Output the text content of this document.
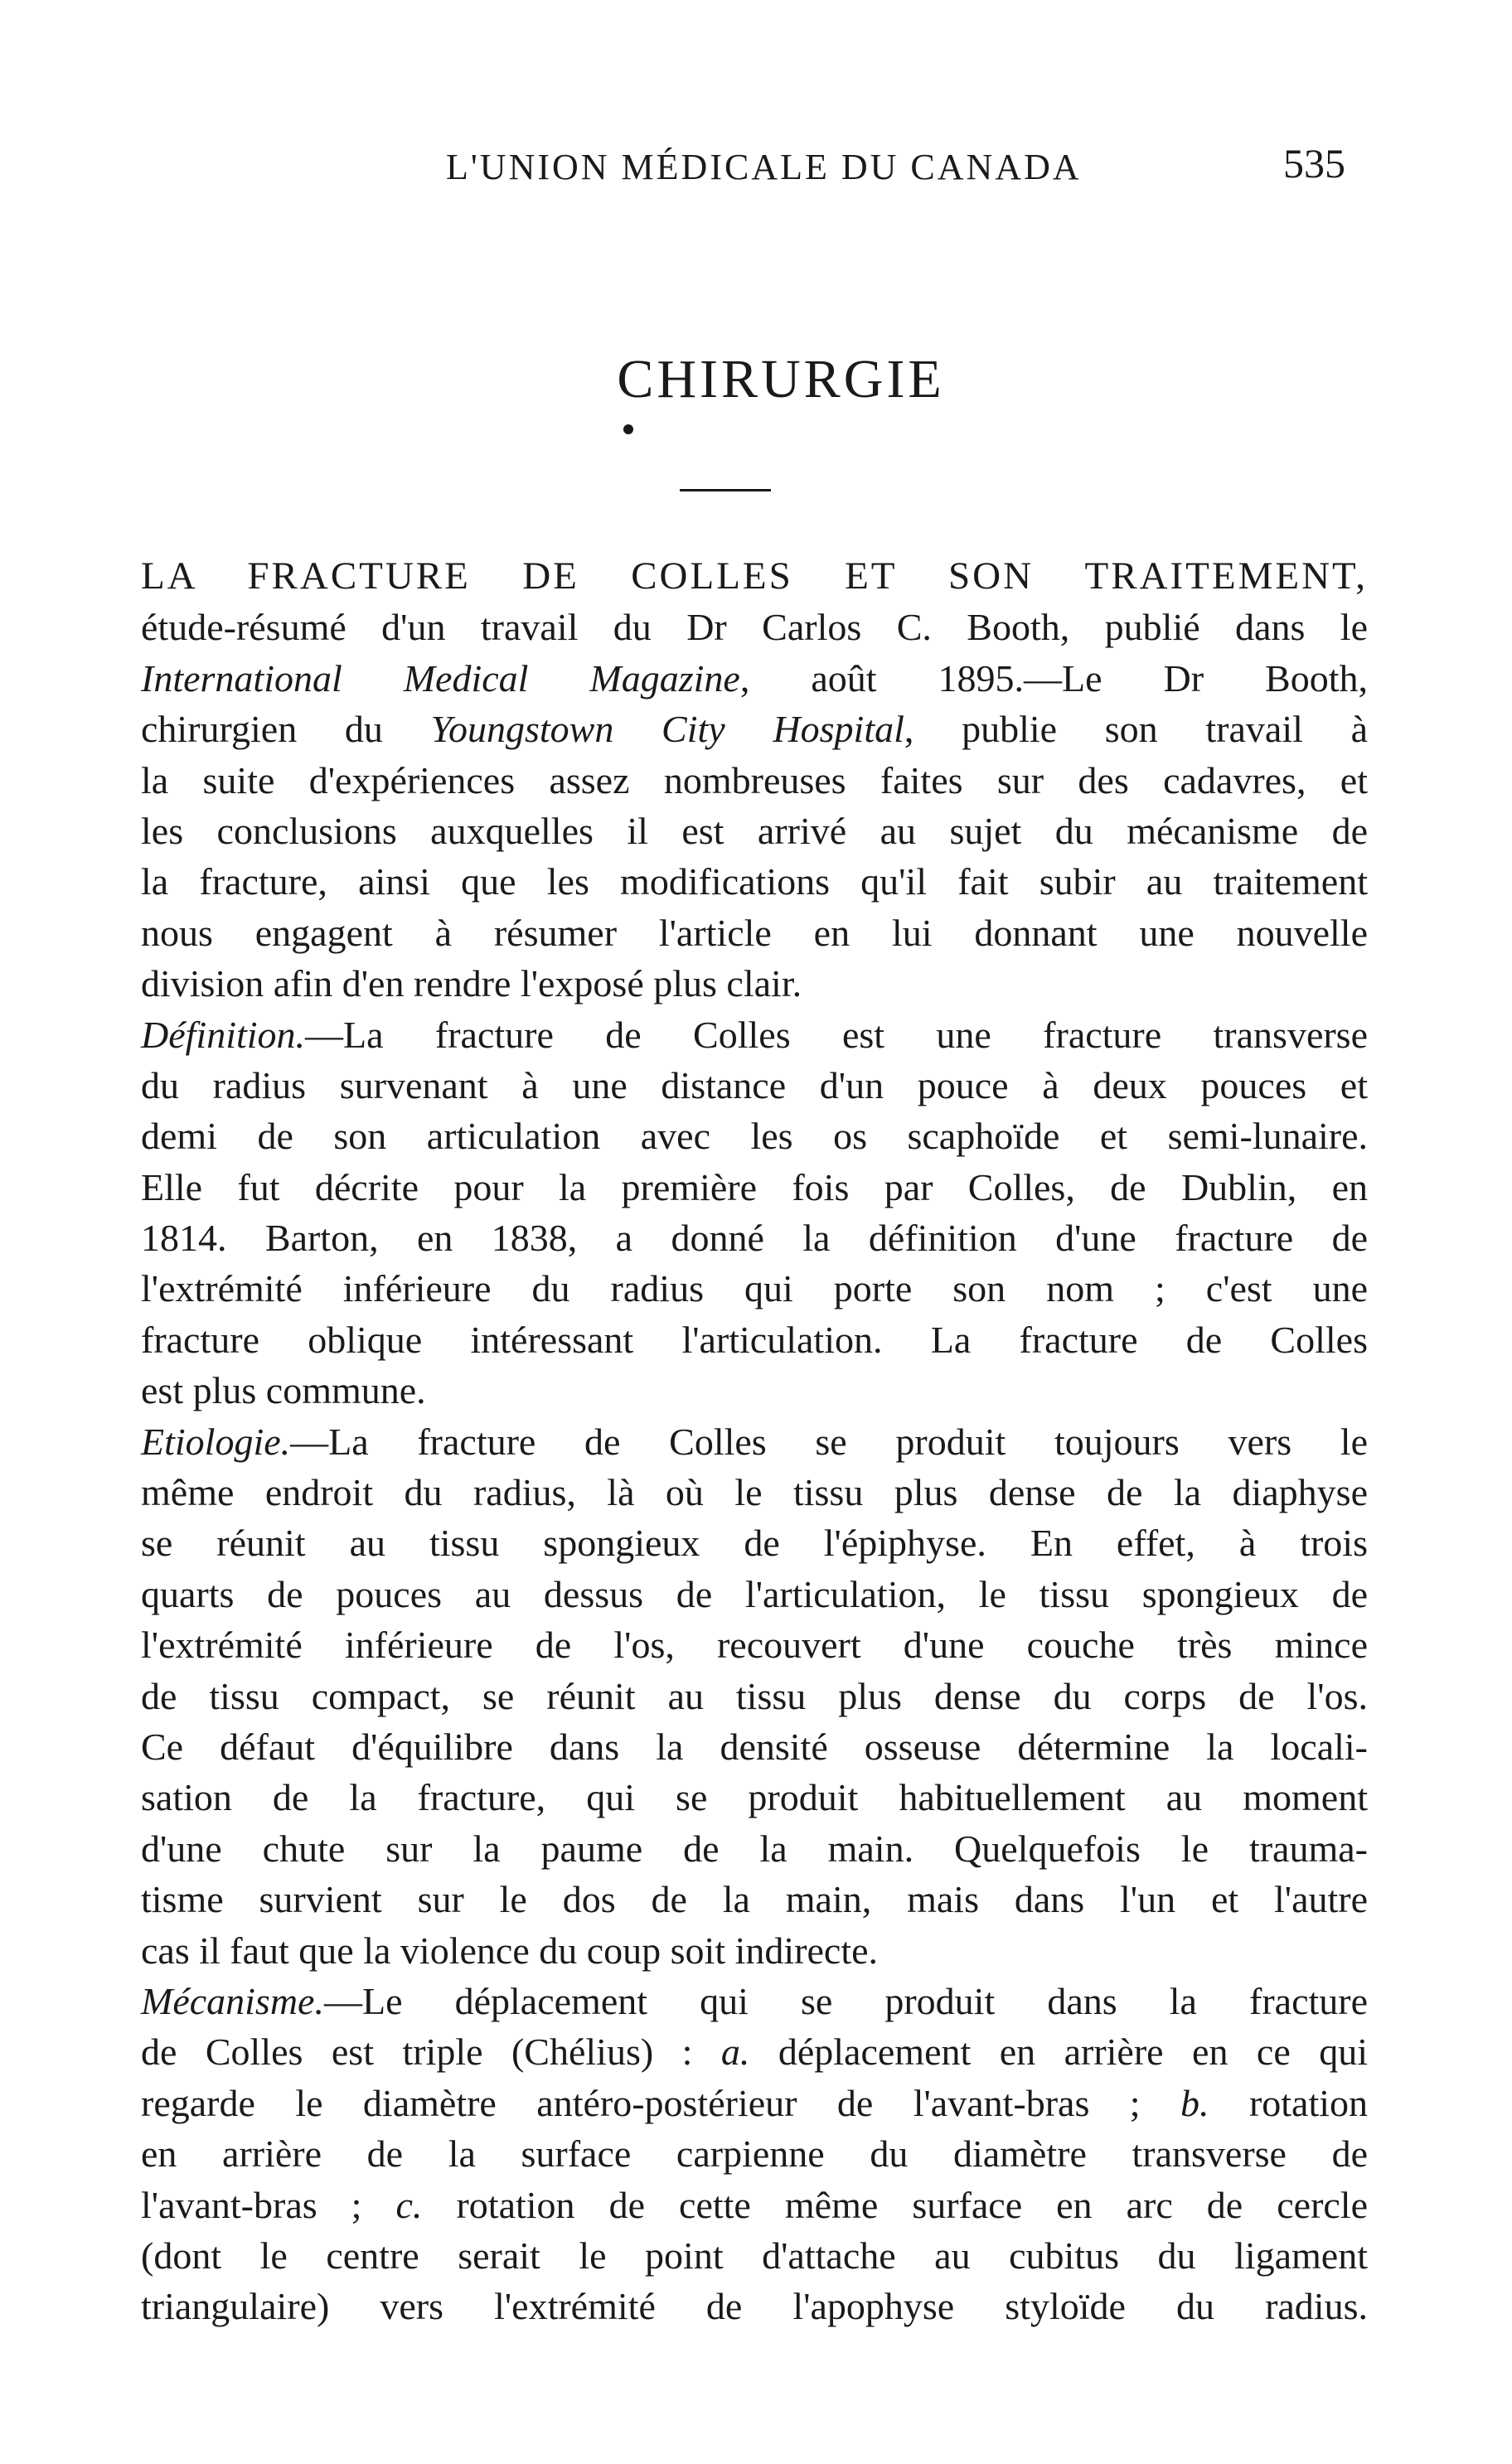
L'UNION MÉDICALE DU CANADA	535
CHIRURGIE
LA FRACTURE DE COLLES ET SON TRAITEMENT,
étude-résumé d'un travail du Dr Carlos C. Booth, publié dans le
International Medical Magazine, août 1895.—Le Dr Booth,
chirurgien du Youngstown City Hospital, publie son travail à
la suite d'expériences assez nombreuses faites sur des cadavres, et
les conclusions auxquelles il est arrivé au sujet du mécanisme de
la fracture, ainsi que les modifications qu'il fait subir au traitement
nous engagent à résumer l'article en lui donnant une nouvelle
division afin d'en rendre l'exposé plus clair.
Définition.—La fracture de Colles est une fracture transverse
du radius survenant à une distance d'un pouce à deux pouces et
demi de son articulation avec les os scaphoïde et semi-lunaire.
Elle fut décrite pour la première fois par Colles, de Dublin, en
1814. Barton, en 1838, a donné la définition d'une fracture de
l'extrémité inférieure du radius qui porte son nom ; c'est une
fracture oblique intéressant l'articulation. La fracture de Colles
est plus commune.
Etiologie.—La fracture de Colles se produit toujours vers le
même endroit du radius, là où le tissu plus dense de la diaphyse
se réunit au tissu spongieux de l'épiphyse. En effet, à trois
quarts de pouces au dessus de l'articulation, le tissu spongieux de
l'extrémité inférieure de l'os, recouvert d'une couche très mince
de tissu compact, se réunit au tissu plus dense du corps de l'os.
Ce défaut d'équilibre dans la densité osseuse détermine la locali-
sation de la fracture, qui se produit habituellement au moment
d'une chute sur la paume de la main. Quelquefois le trauma-
tisme survient sur le dos de la main, mais dans l'un et l'autre
cas il faut que la violence du coup soit indirecte.
Mécanisme.—Le déplacement qui se produit dans la fracture
de Colles est triple (Chélius) : a. déplacement en arrière en ce qui
regarde le diamètre antéro-postérieur de l'avant-bras ; b. rotation
en arrière de la surface carpienne du diamètre transverse de
l'avant-bras ; c. rotation de cette même surface en arc de cercle
(dont le centre serait le point d'attache au cubitus du ligament
triangulaire) vers l'extrémité de l'apophyse styloïde du radius.
